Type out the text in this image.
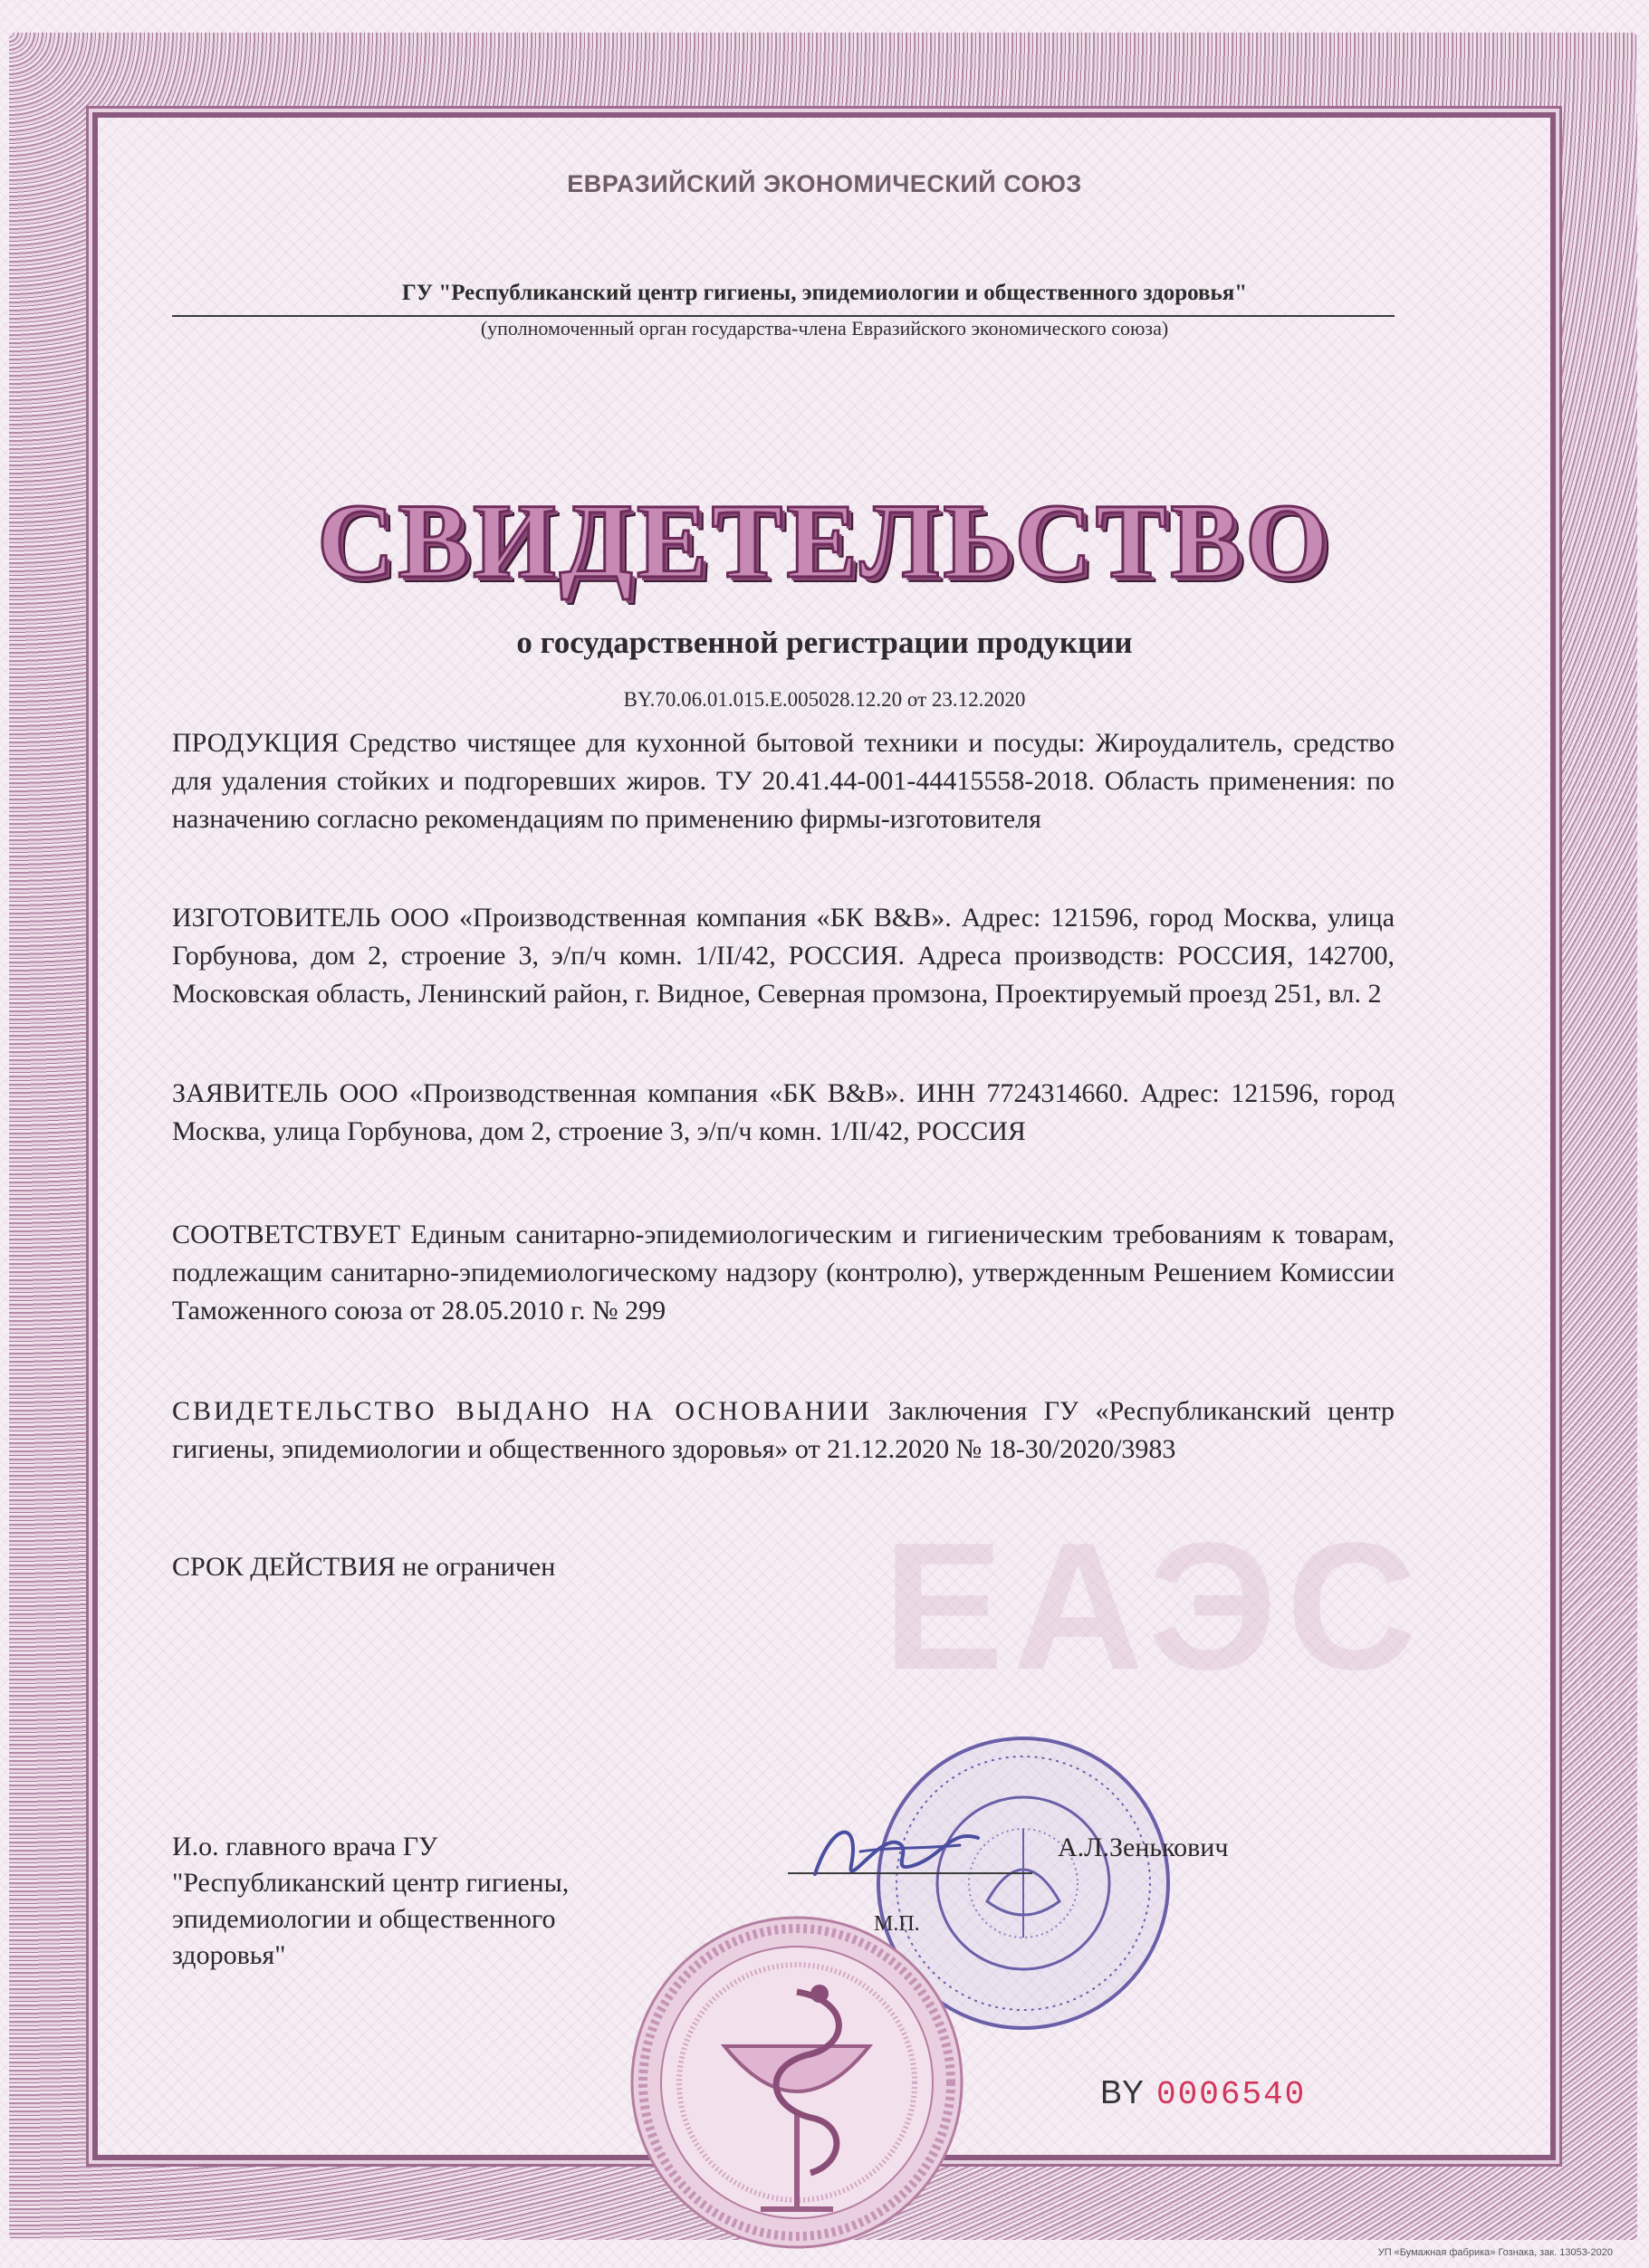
ЕАЭС
ЕВРАЗИЙСКИЙ ЭКОНОМИЧЕСКИЙ СОЮЗ
ГУ "Республиканский центр гигиены, эпидемиологии и общественного здоровья"
(уполномоченный орган государства-члена Евразийского экономического союза)
СВИДЕТЕЛЬСТВО
о государственной регистрации продукции
BY.70.06.01.015.E.005028.12.20 от 23.12.2020
ПРОДУКЦИЯ Средство чистящее для кухонной бытовой техники и посуды: Жироудалитель, средство для удаления стойких и подгоревших жиров. ТУ 20.41.44-001-44415558-2018. Область применения: по назначению согласно рекомендациям по применению фирмы-изготовителя
ИЗГОТОВИТЕЛЬ ООО «Производственная компания «БК B&B». Адрес: 121596, город Москва, улица Горбунова, дом 2, строение 3, э/п/ч комн. 1/II/42, РОССИЯ. Адреса производств: РОССИЯ, 142700, Московская область, Ленинский район, г. Видное, Северная промзона, Проектируемый проезд 251, вл. 2
ЗАЯВИТЕЛЬ ООО «Производственная компания «БК B&B». ИНН 7724314660. Адрес: 121596, город Москва, улица Горбунова, дом 2, строение 3, э/п/ч комн. 1/II/42, РОССИЯ
СООТВЕТСТВУЕТ Единым санитарно-эпидемиологическим и гигиеническим требованиям к товарам, подлежащим санитарно-эпидемиологическому надзору (контролю), утвержденным Решением Комиссии Таможенного союза от 28.05.2010 г. № 299
СВИДЕТЕЛЬСТВО ВЫДАНО НА ОСНОВАНИИ Заключения ГУ «Республиканский центр гигиены, эпидемиологии и общественного здоровья» от 21.12.2020 № 18-30/2020/3983
СРОК ДЕЙСТВИЯ не ограничен
И.о. главного врача ГУ
"Республиканский центр гигиены,
эпидемиологии и общественного
здоровья"
А.Л.Зенькович
М.П.
BY 0006540
УП «Бумажная фабрика» Гознака, зак. 13053-2020
